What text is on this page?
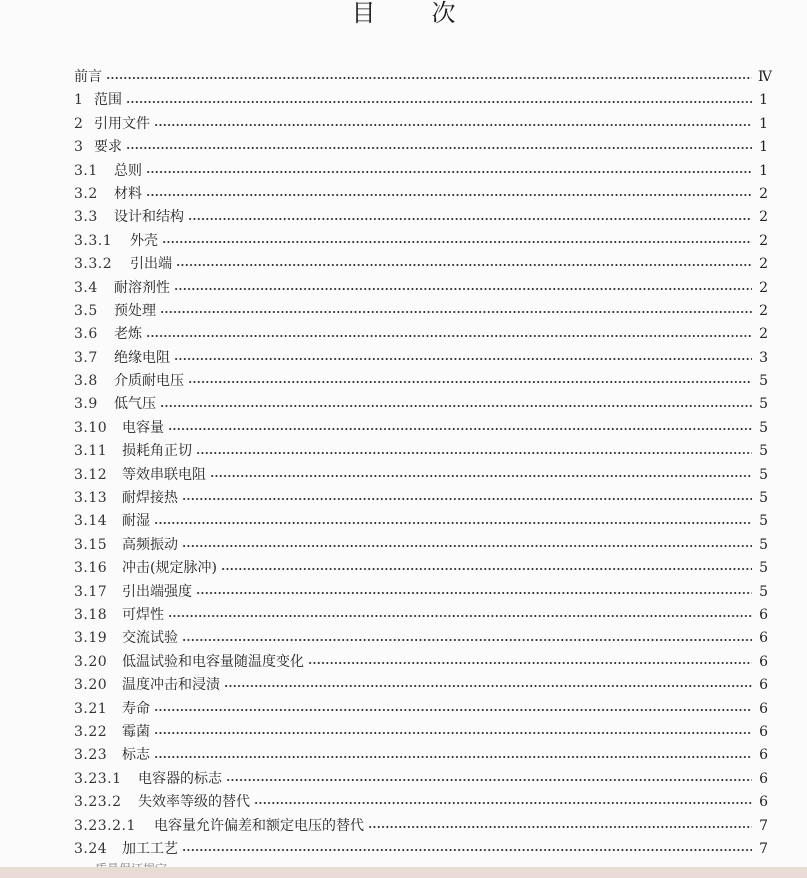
目 次
前言	Ⅳ
1 范围	1
2 引用文件	1
3 要求	1
3.1	总则	1
3.2	材料	2
3.3	设计和结构	2
3.3.1	外壳	2
3.3.2	引出端	2
3.4	耐溶剂性	2
3.5	预处理	2
3.6	老炼	2
3.7	绝缘电阻	3
3.8	介质耐电压	5
3.9	低气压	5
3.10	电容量	5
3.11	损耗角正切	5
3.12	等效串联电阻	5
3.13	耐焊接热	5
3.14	耐湿	5
3.15	高频振动	5
3.16	冲击(规定脉冲)	5
3.17	引出端强度	5
3.18	可焊性	6
3.19	交流试验	6
3.20	低温试验和电容量随温度变化	6
3.20	温度冲击和浸渍	6
3.21	寿命	6
3.22	霉菌	6
3.23	标志	6
3.23.1	电容器的标志	6
3.23.2	失效率等级的替代	6
3.23.2.1	电容量允许偏差和额定电压的替代	7
3.24	加工工艺	7
